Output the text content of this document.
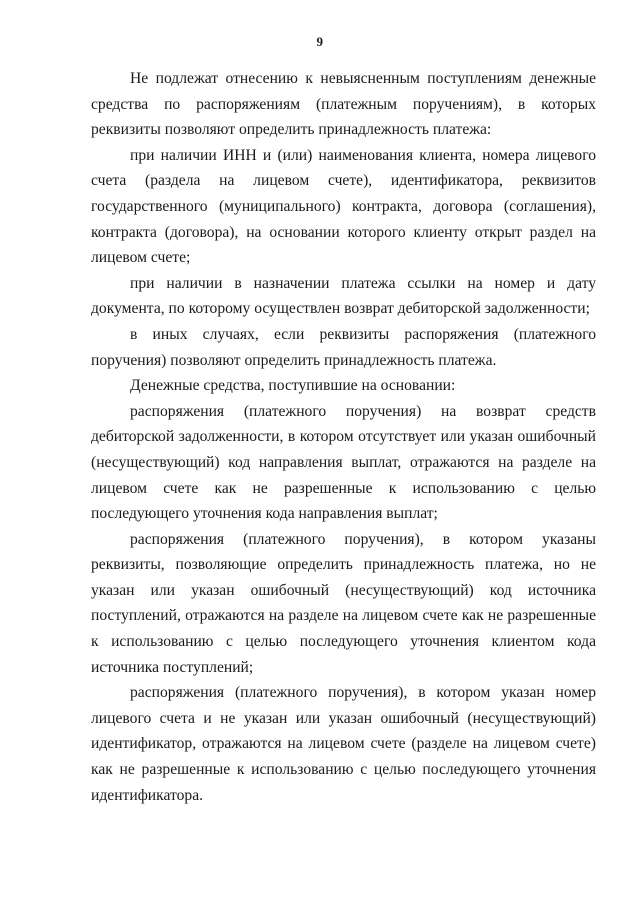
9

Не подлежат отнесению к невыясненным поступлениям денежные средства по распоряжениям (платежным поручениям), в которых реквизиты позволяют определить принадлежность платежа:

при наличии ИНН и (или) наименования клиента, номера лицевого счета (раздела на лицевом счете), идентификатора, реквизитов государственного (муниципального) контракта, договора (соглашения), контракта (договора), на основании которого клиенту открыт раздел на лицевом счете;

при наличии в назначении платежа ссылки на номер и дату документа, по которому осуществлен возврат дебиторской задолженности;

в иных случаях, если реквизиты распоряжения (платежного поручения) позволяют определить принадлежность платежа.

Денежные средства, поступившие на основании:

распоряжения (платежного поручения) на возврат средств дебиторской задолженности, в котором отсутствует или указан ошибочный (несуществующий) код направления выплат, отражаются на разделе на лицевом счете как не разрешенные к использованию с целью последующего уточнения кода направления выплат;

распоряжения (платежного поручения), в котором указаны реквизиты, позволяющие определить принадлежность платежа, но не указан или указан ошибочный (несуществующий) код источника поступлений, отражаются на разделе на лицевом счете как не разрешенные к использованию с целью последующего уточнения клиентом кода источника поступлений;

распоряжения (платежного поручения), в котором указан номер лицевого счета и не указан или указан ошибочный (несуществующий) идентификатор, отражаются на лицевом счете (разделе на лицевом счете) как не разрешенные к использованию с целью последующего уточнения идентификатора.
